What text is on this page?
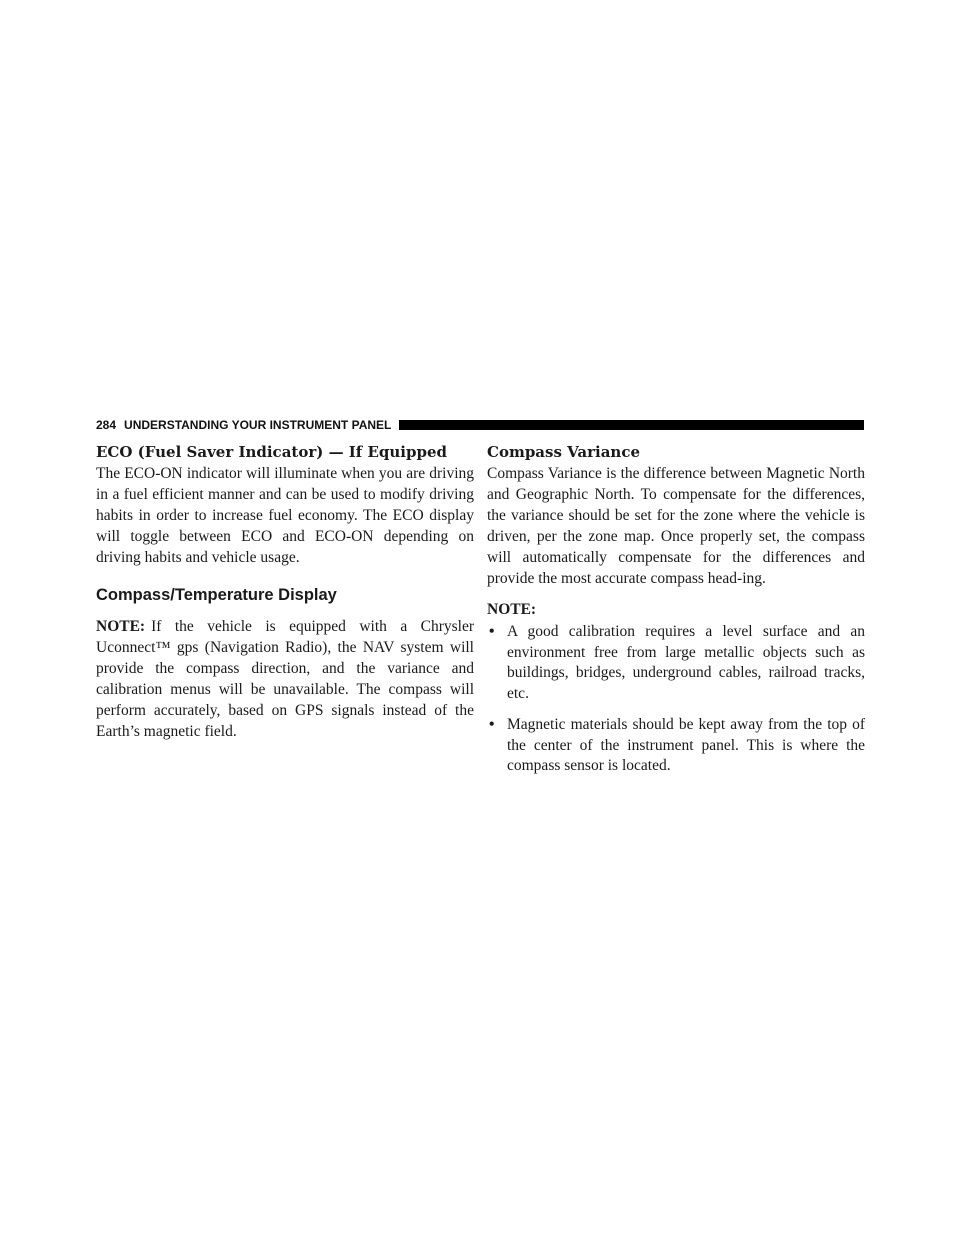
284 UNDERSTANDING YOUR INSTRUMENT PANEL
ECO (Fuel Saver Indicator) — If Equipped

The ECO-ON indicator will illuminate when you are driving in a fuel efficient manner and can be used to modify driving habits in order to increase fuel economy. The ECO display will toggle between ECO and ECO-ON depending on driving habits and vehicle usage.

Compass/Temperature Display

NOTE: If the vehicle is equipped with a Chrysler Uconnect™ gps (Navigation Radio), the NAV system will provide the compass direction, and the variance and calibration menus will be unavailable. The compass will perform accurately, based on GPS signals instead of the Earth’s magnetic field.

Compass Variance

Compass Variance is the difference between Magnetic North and Geographic North. To compensate for the differences, the variance should be set for the zone where the vehicle is driven, per the zone map. Once properly set, the compass will automatically compensate for the differences and provide the most accurate compass head-ing.

NOTE:
• A good calibration requires a level surface and an environment free from large metallic objects such as buildings, bridges, underground cables, railroad tracks, etc.
• Magnetic materials should be kept away from the top of the center of the instrument panel. This is where the compass sensor is located.
